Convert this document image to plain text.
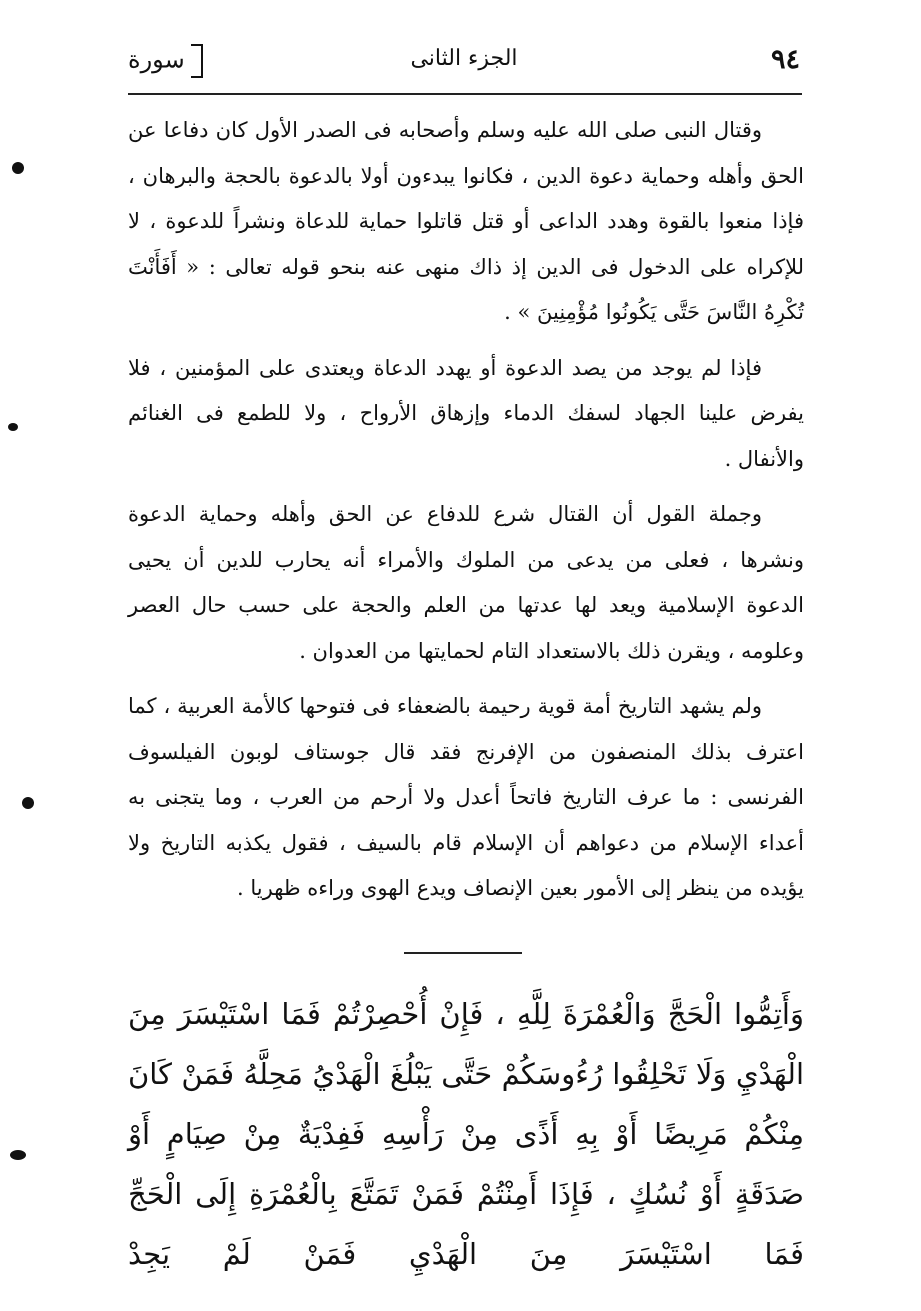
٩٤
الجزء الثانى
سورة

وقتال النبى صلى الله عليه وسلم وأصحابه فى الصدر الأول كان دفاعا عن الحق وأهله وحماية دعوة الدين ، فكانوا يبدءون أولا بالدعوة بالحجة والبرهان ، فإذا منعوا بالقوة وهدد الداعى أو قتل قاتلوا حماية للدعاة ونشراً للدعوة ، لا للإكراه على الدخول فى الدين إذ ذاك منهى عنه بنحو قوله تعالى : « أَفَأَنْتَ تُكْرِهُ النَّاسَ حَتَّى يَكُونُوا مُؤْمِنِينَ » .

فإذا لم يوجد من يصد الدعوة أو يهدد الدعاة ويعتدى على المؤمنين ، فلا يفرض علينا الجهاد لسفك الدماء وإزهاق الأرواح ، ولا للطمع فى الغنائم والأنفال .

وجملة القول أن القتال شرع للدفاع عن الحق وأهله وحماية الدعوة ونشرها ، فعلى من يدعى من الملوك والأمراء أنه يحارب للدين أن يحيى الدعوة الإسلامية ويعد لها عدتها من العلم والحجة على حسب حال العصر وعلومه ، ويقرن ذلك بالاستعداد التام لحمايتها من العدوان .

ولم يشهد التاريخ أمة قوية رحيمة بالضعفاء فى فتوحها كالأمة العربية ، كما اعترف بذلك المنصفون من الإفرنج فقد قال جوستاف لوبون الفيلسوف الفرنسى : ما عرف التاريخ فاتحاً أعدل ولا أرحم من العرب ، وما يتجنى به أعداء الإسلام من دعواهم أن الإسلام قام بالسيف ، فقول يكذبه التاريخ ولا يؤيده من ينظر إلى الأمور بعين الإنصاف ويدع الهوى وراءه ظهريا .

وَأَتِمُّوا الْحَجَّ وَالْعُمْرَةَ لِلَّهِ ، فَإِنْ أُحْصِرْتُمْ فَمَا اسْتَيْسَرَ مِنَ الْهَدْيِ وَلَا تَحْلِقُوا رُءُوسَكُمْ حَتَّى يَبْلُغَ الْهَدْيُ مَحِلَّهُ فَمَنْ كَانَ مِنْكُمْ مَرِيضًا أَوْ بِهِ أَذًى مِنْ رَأْسِهِ فَفِدْيَةٌ مِنْ صِيَامٍ أَوْ صَدَقَةٍ أَوْ نُسُكٍ ، فَإِذَا أَمِنْتُمْ فَمَنْ تَمَتَّعَ بِالْعُمْرَةِ إِلَى الْحَجِّ فَمَا اسْتَيْسَرَ مِنَ الْهَدْيِ فَمَنْ لَمْ يَجِدْ
